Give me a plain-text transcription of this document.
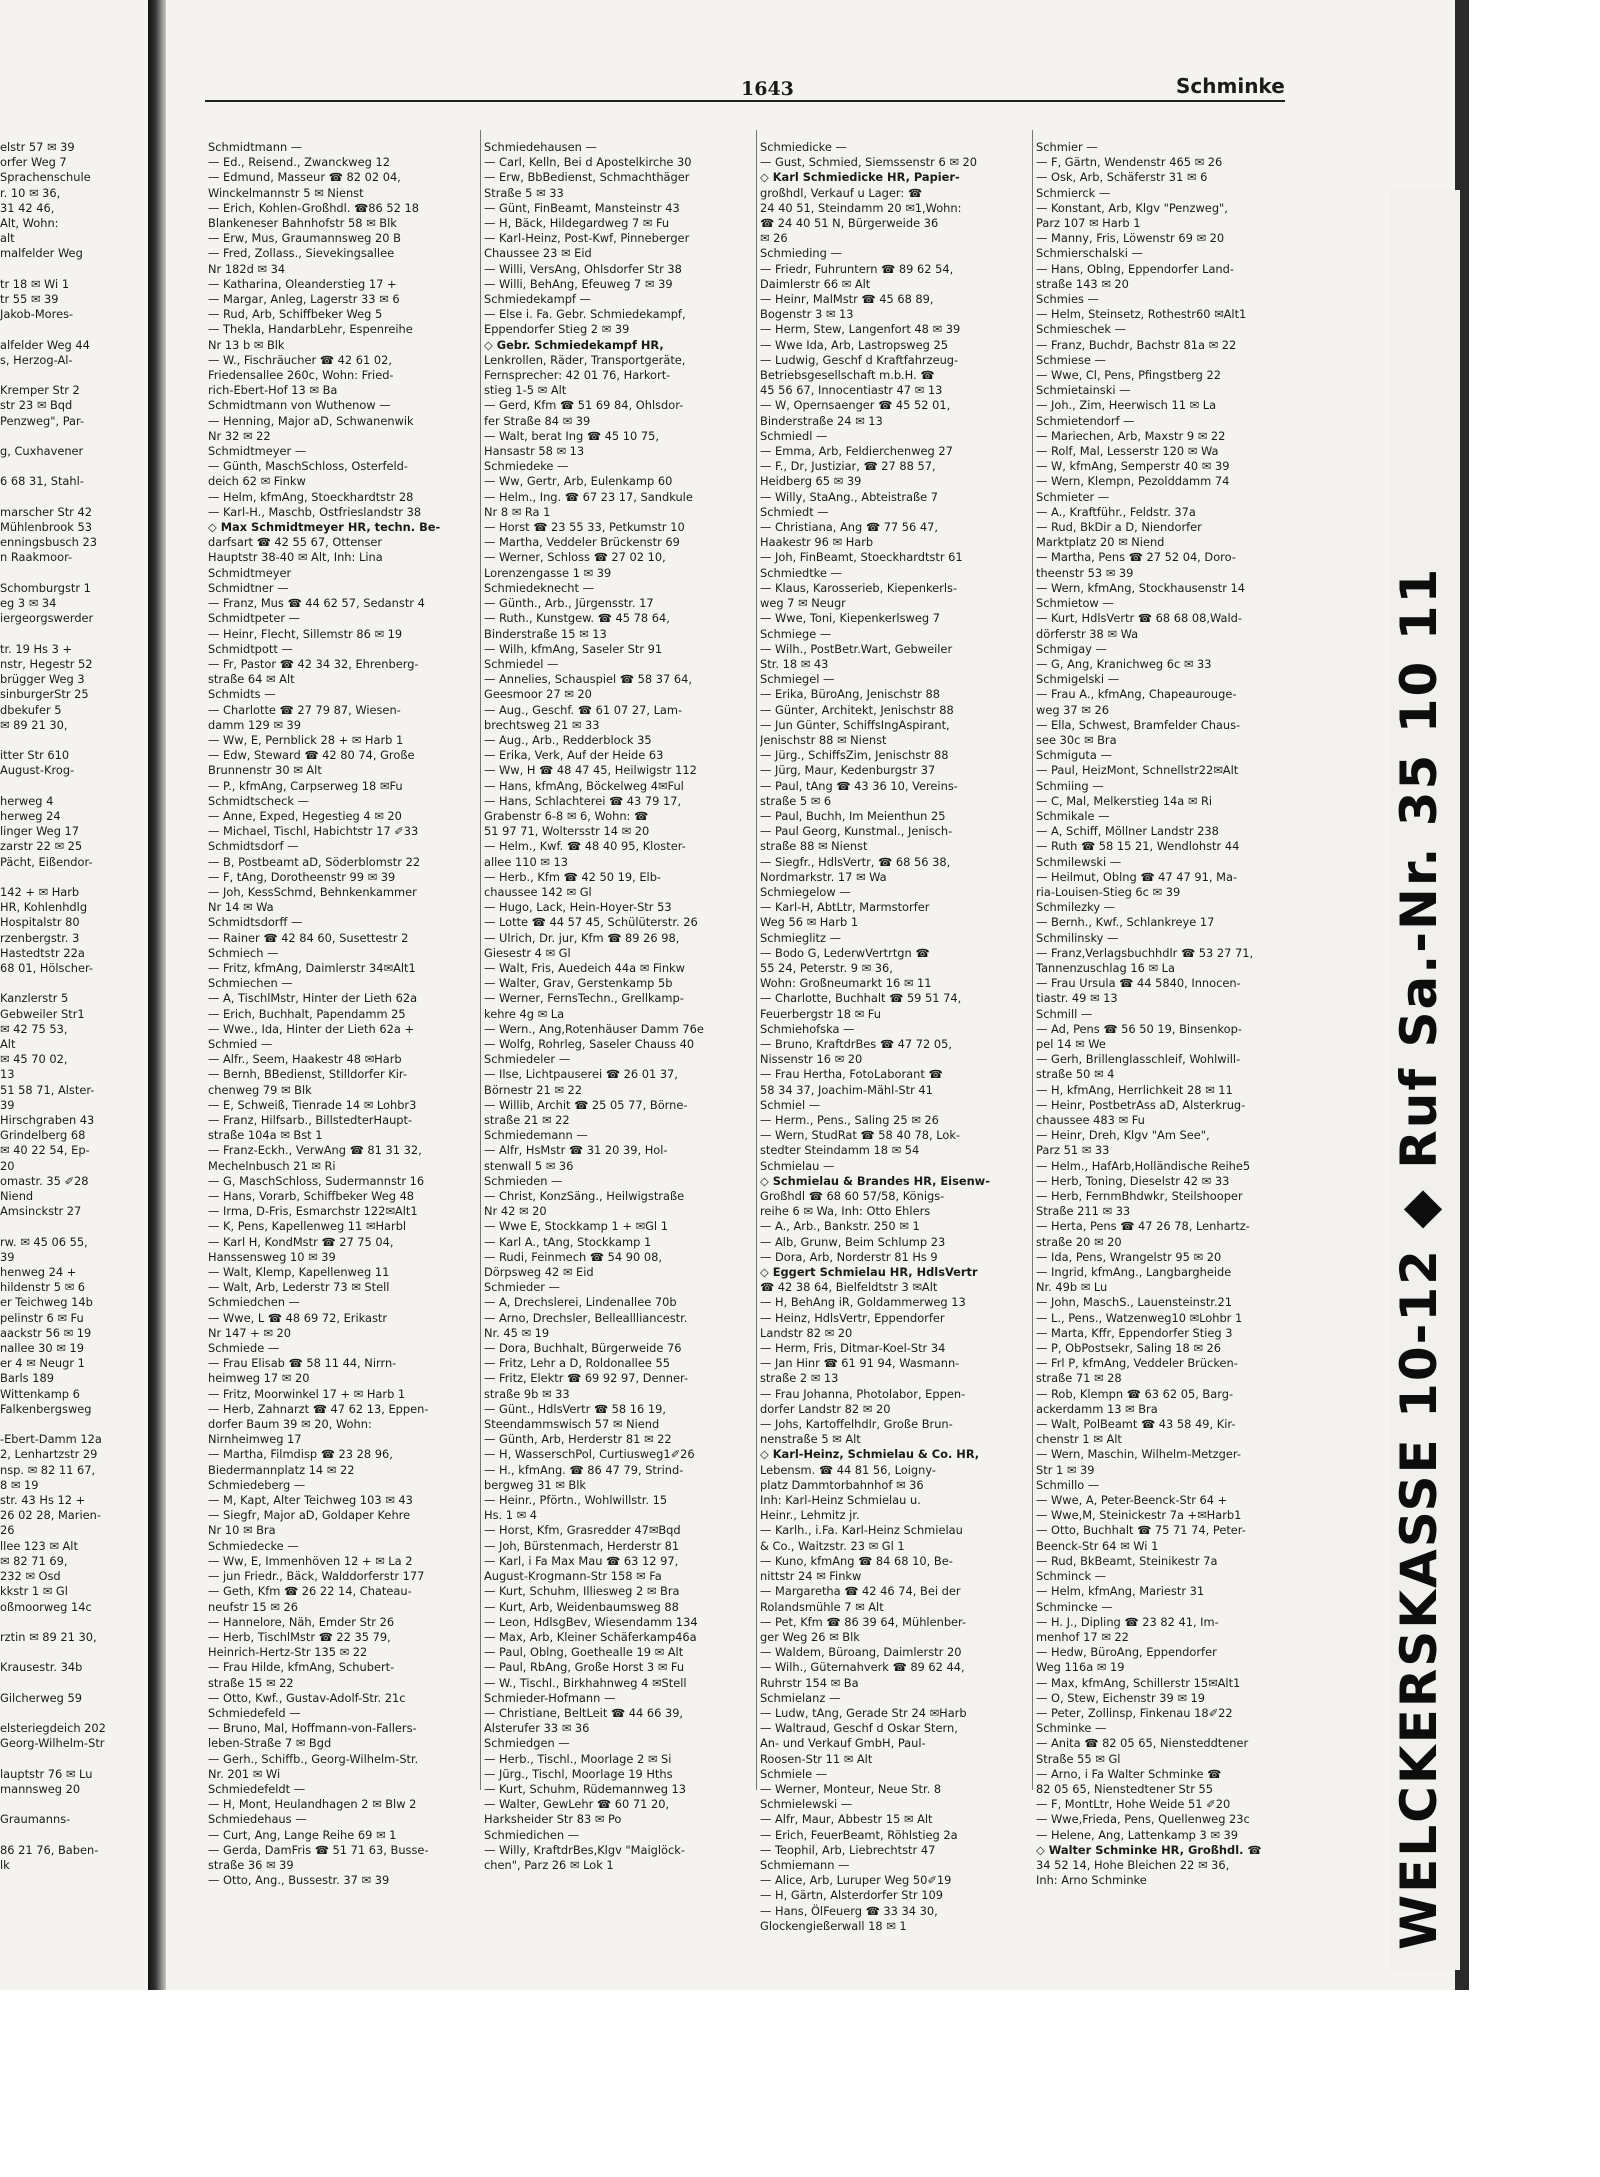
1643	Schminke
elstr 57 ✉ 39
orfer Weg 7
Sprachenschule
r. 10 ✉ 36,
31 42 46,
Alt, Wohn:
alt
malfelder Weg

tr 18 ✉ Wi 1
tr 55 ✉ 39
Jakob-Mores-

alfelder Weg 44
s, Herzog-Al-

Kremper Str 2
str 23 ✉ Bqd
Penzweg", Par-

g, Cuxhavener

6 68 31, Stahl-

marscher Str 42
Mühlenbrook 53
enningsbusch 23
n Raakmoor-

Schomburgstr 1
eg 3 ✉ 34
iergeorgswerder

tr. 19 Hs 3 +
nstr, Hegestr 52
brügger Weg 3
sinburgerStr 25
dbekufer 5
✉ 89 21 30,

itter Str 610
August-Krog-

herweg 4
herweg 24
linger Weg 17
zarstr 22 ✉ 25
Pächt, Eißendor-

142 + ✉ Harb
HR, Kohlenhdlg
Hospitalstr 80
rzenbergstr. 3
Hastedtstr 22a
68 01, Hölscher-

Kanzlerstr 5
Gebweiler Str1
✉ 42 75 53,
Alt
✉ 45 70 02,
13
51 58 71, Alster-
39
Hirschgraben 43
Grindelberg 68
✉ 40 22 54, Ep-
20
omastr. 35 ✐28
Niend
Amsinckstr 27

rw. ✉ 45 06 55,
39
henweg 24 +
hildenstr 5 ✉ 6
er Teichweg 14b
pelinstr 6 ✉ Fu
aackstr 56 ✉ 19
nallee 30 ✉ 19
er 4 ✉ Neugr 1
Barls 189
Wittenkamp 6
Falkenbergsweg

-Ebert-Damm 12a
2, Lenhartzstr 29
nsp. ✉ 82 11 67,
8 ✉ 19
str. 43 Hs 12 +
26 02 28, Marien-
26
llee 123 ✉ Alt
✉ 82 71 69,
232 ✉ Osd
kkstr 1 ✉ Gl
oßmoorweg 14c

rztin ✉ 89 21 30,

Krausestr. 34b

Gilcherweg 59

elsteriegdeich 202
Georg-Wilhelm-Str

lauptstr 76 ✉ Lu
mannsweg 20

Graumanns-

86 21 76, Baben-
lk
Schmidtmann —
— Ed., Reisend., Zwanckweg 12
— Edmund, Masseur ☎ 82 02 04,
Winckelmannstr 5 ✉ Nienst
— Erich, Kohlen-Großhdl. ☎86 52 18
Blankeneser Bahnhofstr 58 ✉ Blk
— Erw, Mus, Graumannsweg 20 B
— Fred, Zollass., Sievekingsallee
Nr 182d ✉ 34
— Katharina, Oleanderstieg 17 +
— Margar, Anleg, Lagerstr 33 ✉ 6
— Rud, Arb, Schiffbeker Weg 5
— Thekla, HandarbLehr, Espenreihe
Nr 13 b ✉ Blk
— W., Fischräucher ☎ 42 61 02,
Friedensallee 260c, Wohn: Fried-
rich-Ebert-Hof 13 ✉ Ba
Schmidtmann von Wuthenow —
— Henning, Major aD, Schwanenwik
Nr 32 ✉ 22
Schmidtmeyer —
— Günth, MaschSchloss, Osterfeld-
deich 62 ✉ Finkw
— Helm, kfmAng, Stoeckhardtstr 28
— Karl-H., Maschb, Ostfrieslandstr 38
◇ Max Schmidtmeyer HR, techn. Be-
darfsart ☎ 42 55 67, Ottenser
Hauptstr 38-40 ✉ Alt, Inh: Lina
Schmidtmeyer
Schmidtner —
— Franz, Mus ☎ 44 62 57, Sedanstr 4
Schmidtpeter —
— Heinr, Flecht, Sillemstr 86 ✉ 19
Schmidtpott —
— Fr, Pastor ☎ 42 34 32, Ehrenberg-
straße 64 ✉ Alt
Schmidts —
— Charlotte ☎ 27 79 87, Wiesen-
damm 129 ✉ 39
— Ww, E, Pernblick 28 + ✉ Harb 1
— Edw, Steward ☎ 42 80 74, Große
Brunnenstr 30 ✉ Alt
— P., kfmAng, Carpserweg 18 ✉Fu
Schmidtscheck —
— Anne, Exped, Hegestieg 4 ✉ 20
— Michael, Tischl, Habichtstr 17 ✐33
Schmidtsdorf —
— B, Postbeamt aD, Söderblomstr 22
— F, tAng, Dorotheenstr 99 ✉ 39
— Joh, KessSchmd, Behnkenkammer
Nr 14 ✉ Wa
Schmidtsdorff —
— Rainer ☎ 42 84 60, Susettestr 2
Schmiech —
— Fritz, kfmAng, Daimlerstr 34✉Alt1
Schmiechen —
— A, TischlMstr, Hinter der Lieth 62a
— Erich, Buchhalt, Papendamm 25
— Wwe., Ida, Hinter der Lieth 62a +
Schmied —
— Alfr., Seem, Haakestr 48 ✉Harb
— Bernh, BBedienst, Stilldorfer Kir-
chenweg 79 ✉ Blk
— E, Schweiß, Tienrade 14 ✉ Lohbr3
— Franz, Hilfsarb., BillstedterHaupt-
straße 104a ✉ Bst 1
— Franz-Eckh., VerwAng ☎ 81 31 32,
Mechelnbusch 21 ✉ Ri
— G, MaschSchloss, Sudermannstr 16
— Hans, Vorarb, Schiffbeker Weg 48
— Irma, D-Fris, Esmarchstr 122✉Alt1
— K, Pens, Kapellenweg 11 ✉Harbl
— Karl H, KondMstr ☎ 27 75 04,
Hanssensweg 10 ✉ 39
— Walt, Klemp, Kapellenweg 11
— Walt, Arb, Lederstr 73 ✉ Stell
Schmiedchen —
— Wwe, L ☎ 48 69 72, Erikastr
Nr 147 + ✉ 20
Schmiede —
— Frau Elisab ☎ 58 11 44, Nirrn-
heimweg 17 ✉ 20
— Fritz, Moorwinkel 17 + ✉ Harb 1
— Herb, Zahnarzt ☎ 47 62 13, Eppen-
dorfer Baum 39 ✉ 20, Wohn:
Nirnheimweg 17
— Martha, Filmdisp ☎ 23 28 96,
Biedermannplatz 14 ✉ 22
Schmiedeberg —
— M, Kapt, Alter Teichweg 103 ✉ 43
— Siegfr, Major aD, Goldaper Kehre
Nr 10 ✉ Bra
Schmiedecke —
— Ww, E, Immenhöven 12 + ✉ La 2
— jun Friedr., Bäck, Walddorferstr 177
— Geth, Kfm ☎ 26 22 14, Chateau-
neufstr 15 ✉ 26
— Hannelore, Näh, Emder Str 26
— Herb, TischlMstr ☎ 22 35 79,
Heinrich-Hertz-Str 135 ✉ 22
— Frau Hilde, kfmAng, Schubert-
straße 15 ✉ 22
— Otto, Kwf., Gustav-Adolf-Str. 21c
Schmiedefeld —
— Bruno, Mal, Hoffmann-von-Fallers-
leben-Straße 7 ✉ Bgd
— Gerh., Schiffb., Georg-Wilhelm-Str.
Nr. 201 ✉ Wi
Schmiedefeldt —
— H, Mont, Heulandhagen 2 ✉ Blw 2
Schmiedehaus —
— Curt, Ang, Lange Reihe 69 ✉ 1
— Gerda, DamFris ☎ 51 71 63, Busse-
straße 36 ✉ 39
— Otto, Ang., Bussestr. 37 ✉ 39
Schmiedehausen —
— Carl, Kelln, Bei d Apostelkirche 30
— Erw, BbBedienst, Schmachthäger
Straße 5 ✉ 33
— Günt, FinBeamt, Mansteinstr 43
— H, Bäck, Hildegardweg 7 ✉ Fu
— Karl-Heinz, Post-Kwf, Pinneberger
Chaussee 23 ✉ Eid
— Willi, VersAng, Ohlsdorfer Str 38
— Willi, BehAng, Efeuweg 7 ✉ 39
Schmiedekampf —
— Else i. Fa. Gebr. Schmiedekampf,
Eppendorfer Stieg 2 ✉ 39
◇ Gebr. Schmiedekampf HR,
Lenkrollen, Räder, Transportgeräte,
Fernsprecher: 42 01 76, Harkort-
stieg 1-5 ✉ Alt
— Gerd, Kfm ☎ 51 69 84, Ohlsdor-
fer Straße 84 ✉ 39
— Walt, berat Ing ☎ 45 10 75,
Hansastr 58 ✉ 13
Schmiedeke —
— Ww, Gertr, Arb, Eulenkamp 60
— Helm., Ing. ☎ 67 23 17, Sandkule
Nr 8 ✉ Ra 1
— Horst ☎ 23 55 33, Petkumstr 10
— Martha, Veddeler Brückenstr 69
— Werner, Schloss ☎ 27 02 10,
Lorenzengasse 1 ✉ 39
Schmiedeknecht —
— Günth., Arb., Jürgensstr. 17
— Ruth., Kunstgew. ☎ 45 78 64,
Binderstraße 15 ✉ 13
— Wilh, kfmAng, Saseler Str 91
Schmiedel —
— Annelies, Schauspiel ☎ 58 37 64,
Geesmoor 27 ✉ 20
— Aug., Geschf. ☎ 61 07 27, Lam-
brechtsweg 21 ✉ 33
— Aug., Arb., Redderblock 35
— Erika, Verk, Auf der Heide 63
— Ww, H ☎ 48 47 45, Heilwigstr 112
— Hans, kfmAng, Böckelweg 4✉Ful
— Hans, Schlachterei ☎ 43 79 17,
Grabenstr 6-8 ✉ 6, Wohn: ☎
51 97 71, Woltersstr 14 ✉ 20
— Helm., Kwf. ☎ 48 40 95, Kloster-
allee 110 ✉ 13
— Herb., Kfm ☎ 42 50 19, Elb-
chaussee 142 ✉ Gl
— Hugo, Lack, Hein-Hoyer-Str 53
— Lotte ☎ 44 57 45, Schülüterstr. 26
— Ulrich, Dr. jur, Kfm ☎ 89 26 98,
Giesestr 4 ✉ Gl
— Walt, Fris, Auedeich 44a ✉ Finkw
— Walter, Grav, Gerstenkamp 5b
— Werner, FernsTechn., Grellkamp-
kehre 4g ✉ La
— Wern., Ang,Rotenhäuser Damm 76e
— Wolfg, Rohrleg, Saseler Chauss 40
Schmiedeler —
— Ilse, Lichtpauserei ☎ 26 01 37,
Börnestr 21 ✉ 22
— Willib, Archit ☎ 25 05 77, Börne-
straße 21 ✉ 22
Schmiedemann —
— Alfr, HsMstr ☎ 31 20 39, Hol-
stenwall 5 ✉ 36
Schmieden —
— Christ, KonzSäng., Heilwigstraße
Nr 42 ✉ 20
— Wwe E, Stockkamp 1 + ✉Gl 1
— Karl A., tAng, Stockkamp 1
— Rudi, Feinmech ☎ 54 90 08,
Dörpsweg 42 ✉ Eid
Schmieder —
— A, Drechslerei, Lindenallee 70b
— Arno, Drechsler, Belleallliancestr.
Nr. 45 ✉ 19
— Dora, Buchhalt, Bürgerweide 76
— Fritz, Lehr a D, Roldonallee 55
— Fritz, Elektr ☎ 69 92 97, Denner-
straße 9b ✉ 33
— Günt., HdlsVertr ☎ 58 16 19,
Steendammswisch 57 ✉ Niend
— Günth, Arb, Herderstr 81 ✉ 22
— H, WasserschPol, Curtiusweg1✐26
— H., kfmAng. ☎ 86 47 79, Strind-
bergweg 31 ✉ Blk
— Heinr., Pförtn., Wohlwillstr. 15
Hs. 1 ✉ 4
— Horst, Kfm, Grasredder 47✉Bqd
— Joh, Bürstenmach, Herderstr 81
— Karl, i Fa Max Mau ☎ 63 12 97,
August-Krogmann-Str 158 ✉ Fa
— Kurt, Schuhm, Illiesweg 2 ✉ Bra
— Kurt, Arb, Weidenbaumsweg 88
— Leon, HdlsgBev, Wiesendamm 134
— Max, Arb, Kleiner Schäferkamp46a
— Paul, Oblng, Goethealle 19 ✉ Alt
— Paul, RbAng, Große Horst 3 ✉ Fu
— W., Tischl., Birkhahnweg 4 ✉Stell
Schmieder-Hofmann —
— Christiane, BeltLeit ☎ 44 66 39,
Alsterufer 33 ✉ 36
Schmiedgen —
— Herb., Tischl., Moorlage 2 ✉ Si
— Jürg., Tischl, Moorlage 19 Hths
— Kurt, Schuhm, Rüdemannweg 13
— Walter, GewLehr ☎ 60 71 20,
Harksheider Str 83 ✉ Po
Schmiedichen —
— Willy, KraftdrBes,Klgv "Maiglöck-
chen", Parz 26 ✉ Lok 1
Schmiedicke —
— Gust, Schmied, Siemssenstr 6 ✉ 20
◇ Karl Schmiedicke HR, Papier-
großhdl, Verkauf u Lager: ☎
24 40 51, Steindamm 20 ✉1,Wohn:
☎ 24 40 51 N, Bürgerweide 36
✉ 26
Schmieding —
— Friedr, Fuhruntern ☎ 89 62 54,
Daimlerstr 66 ✉ Alt
— Heinr, MalMstr ☎ 45 68 89,
Bogenstr 3 ✉ 13
— Herm, Stew, Langenfort 48 ✉ 39
— Wwe Ida, Arb, Lastropsweg 25
— Ludwig, Geschf d Kraftfahrzeug-
Betriebsgesellschaft m.b.H. ☎
45 56 67, Innocentiastr 47 ✉ 13
— W, Opernsaenger ☎ 45 52 01,
Binderstraße 24 ✉ 13
Schmiedl —
— Emma, Arb, Feldierchenweg 27
— F., Dr, Justiziar, ☎ 27 88 57,
Heidberg 65 ✉ 39
— Willy, StaAng., Abteistraße 7
Schmiedt —
— Christiana, Ang ☎ 77 56 47,
Haakestr 96 ✉ Harb
— Joh, FinBeamt, Stoeckhardtstr 61
Schmiedtke —
— Klaus, Karosserieb, Kiepenkerls-
weg 7 ✉ Neugr
— Wwe, Toni, Kiepenkerlsweg 7
Schmiege —
— Wilh., PostBetr.Wart, Gebweiler
Str. 18 ✉ 43
Schmiegel —
— Erika, BüroAng, Jenischstr 88
— Günter, Architekt, Jenischstr 88
— Jun Günter, SchiffsIngAspirant,
Jenischstr 88 ✉ Nienst
— Jürg., SchiffsZim, Jenischstr 88
— Jürg, Maur, Kedenburgstr 37
— Paul, tAng ☎ 43 36 10, Vereins-
straße 5 ✉ 6
— Paul, Buchh, Im Meienthun 25
— Paul Georg, Kunstmal., Jenisch-
straße 88 ✉ Nienst
— Siegfr., HdlsVertr, ☎ 68 56 38,
Nordmarkstr. 17 ✉ Wa
Schmiegelow —
— Karl-H, AbtLtr, Marmstorfer
Weg 56 ✉ Harb 1
Schmieglitz —
— Bodo G, LederwVertrtgn ☎
55 24, Peterstr. 9 ✉ 36,
Wohn: Großneumarkt 16 ✉ 11
— Charlotte, Buchhalt ☎ 59 51 74,
Feuerbergstr 18 ✉ Fu
Schmiehofska —
— Bruno, KraftdrBes ☎ 47 72 05,
Nissenstr 16 ✉ 20
— Frau Hertha, FotoLaborant ☎
58 34 37, Joachim-Mähl-Str 41
Schmiel —
— Herm., Pens., Saling 25 ✉ 26
— Wern, StudRat ☎ 58 40 78, Lok-
stedter Steindamm 18 ✉ 54
Schmielau —
◇ Schmielau & Brandes HR, Eisenw-
Großhdl ☎ 68 60 57/58, Königs-
reihe 6 ✉ Wa, Inh: Otto Ehlers
— A., Arb., Bankstr. 250 ✉ 1
— Alb, Grunw, Beim Schlump 23
— Dora, Arb, Norderstr 81 Hs 9
◇ Eggert Schmielau HR, HdlsVertr
☎ 42 38 64, Bielfeldtstr 3 ✉Alt
— H, BehAng iR, Goldammerweg 13
— Heinz, HdlsVertr, Eppendorfer
Landstr 82 ✉ 20
— Herm, Fris, Ditmar-Koel-Str 34
— Jan Hinr ☎ 61 91 94, Wasmann-
straße 2 ✉ 13
— Frau Johanna, Photolabor, Eppen-
dorfer Landstr 82 ✉ 20
— Johs, Kartoffelhdlr, Große Brun-
nenstraße 5 ✉ Alt
◇ Karl-Heinz, Schmielau & Co. HR,
Lebensm. ☎ 44 81 56, Loigny-
platz Dammtorbahnhof ✉ 36
Inh: Karl-Heinz Schmielau u.
Heinr., Lehmitz jr.
— Karlh., i.Fa. Karl-Heinz Schmielau
& Co., Waitzstr. 23 ✉ Gl 1
— Kuno, kfmAng ☎ 84 68 10, Be-
nittstr 24 ✉ Finkw
— Margaretha ☎ 42 46 74, Bei der
Rolandsmühle 7 ✉ Alt
— Pet, Kfm ☎ 86 39 64, Mühlenber-
ger Weg 26 ✉ Blk
— Waldem, Büroang, Daimlerstr 20
— Wilh., Güternahverk ☎ 89 62 44,
Ruhrstr 154 ✉ Ba
Schmielanz —
— Ludw, tAng, Gerade Str 24 ✉Harb
— Waltraud, Geschf d Oskar Stern,
An- und Verkauf GmbH, Paul-
Roosen-Str 11 ✉ Alt
Schmiele —
— Werner, Monteur, Neue Str. 8
Schmielewski —
— Alfr, Maur, Abbestr 15 ✉ Alt
— Erich, FeuerBeamt, Röhlstieg 2a
— Teophil, Arb, Liebrechtstr 47
Schmiemann —
— Alice, Arb, Luruper Weg 50✐19
— H, Gärtn, Alsterdorfer Str 109
— Hans, ÖlFeuerg ☎ 33 34 30,
Glockengießerwall 18 ✉ 1
Schmier —
— F, Gärtn, Wendenstr 465 ✉ 26
— Osk, Arb, Schäferstr 31 ✉ 6
Schmierck —
— Konstant, Arb, Klgv "Penzweg",
Parz 107 ✉ Harb 1
— Manny, Fris, Löwenstr 69 ✉ 20
Schmierschalski —
— Hans, Oblng, Eppendorfer Land-
straße 143 ✉ 20
Schmies —
— Helm, Steinsetz, Rothestr60 ✉Alt1
Schmieschek —
— Franz, Buchdr, Bachstr 81a ✉ 22
Schmiese —
— Wwe, Cl, Pens, Pfingstberg 22
Schmietainski —
— Joh., Zim, Heerwisch 11 ✉ La
Schmietendorf —
— Mariechen, Arb, Maxstr 9 ✉ 22
— Rolf, Mal, Lesserstr 120 ✉ Wa
— W, kfmAng, Semperstr 40 ✉ 39
— Wern, Klempn, Pezolddamm 74
Schmieter —
— A., Kraftführ., Feldstr. 37a
— Rud, BkDir a D, Niendorfer
Marktplatz 20 ✉ Niend
— Martha, Pens ☎ 27 52 04, Doro-
theenstr 53 ✉ 39
— Wern, kfmAng, Stockhausenstr 14
Schmietow —
— Kurt, HdlsVertr ☎ 68 68 08,Wald-
dörferstr 38 ✉ Wa
Schmigay —
— G, Ang, Kranichweg 6c ✉ 33
Schmigelski —
— Frau A., kfmAng, Chapeaurouge-
weg 37 ✉ 26
— Ella, Schwest, Bramfelder Chaus-
see 30c ✉ Bra
Schmiguta —
— Paul, HeizMont, Schnellstr22✉Alt
Schmiing —
— C, Mal, Melkerstieg 14a ✉ Ri
Schmikale —
— A, Schiff, Möllner Landstr 238
— Ruth ☎ 58 15 21, Wendlohstr 44
Schmilewski —
— Heilmut, Oblng ☎ 47 47 91, Ma-
ria-Louisen-Stieg 6c ✉ 39
Schmilezky —
— Bernh., Kwf., Schlankreye 17
Schmilinsky —
— Franz,Verlagsbuchhdlr ☎ 53 27 71,
Tannenzuschlag 16 ✉ La
— Frau Ursula ☎ 44 5840, Innocen-
tiastr. 49 ✉ 13
Schmill —
— Ad, Pens ☎ 56 50 19, Binsenkop-
pel 14 ✉ We
— Gerh, Brillenglasschleif, Wohlwill-
straße 50 ✉ 4
— H, kfmAng, Herrlichkeit 28 ✉ 11
— Heinr, PostbetrAss aD, Alsterkrug-
chaussee 483 ✉ Fu
— Heinr, Dreh, Klgv "Am See",
Parz 51 ✉ 33
— Helm., HafArb,Holländische Reihe5
— Herb, Toning, Dieselstr 42 ✉ 33
— Herb, FernmBhdwkr, Steilshooper
Straße 211 ✉ 33
— Herta, Pens ☎ 47 26 78, Lenhartz-
straße 20 ✉ 20
— Ida, Pens, Wrangelstr 95 ✉ 20
— Ingrid, kfmAng., Langbargheide
Nr. 49b ✉ Lu
— John, MaschS., Lauensteinstr.21
— L., Pens., Watzenweg10 ✉Lohbr 1
— Marta, Kffr, Eppendorfer Stieg 3
— P, ObPostsekr, Saling 18 ✉ 26
— Frl P, kfmAng, Veddeler Brücken-
straße 71 ✉ 28
— Rob, Klempn ☎ 63 62 05, Barg-
ackerdamm 13 ✉ Bra
— Walt, PolBeamt ☎ 43 58 49, Kir-
chenstr 1 ✉ Alt
— Wern, Maschin, Wilhelm-Metzger-
Str 1 ✉ 39
Schmillo —
— Wwe, A, Peter-Beenck-Str 64 +
— Wwe,M, Steinickestr 7a +✉Harb1
— Otto, Buchhalt ☎ 75 71 74, Peter-
Beenck-Str 64 ✉ Wi 1
— Rud, BkBeamt, Steinikestr 7a
Schminck —
— Helm, kfmAng, Mariestr 31
Schmincke —
— H. J., Dipling ☎ 23 82 41, Im-
menhof 17 ✉ 22
— Hedw, BüroAng, Eppendorfer
Weg 116a ✉ 19
— Max, kfmAng, Schillerstr 15✉Alt1
— O, Stew, Eichenstr 39 ✉ 19
— Peter, Zollinsp, Finkenau 18✐22
Schminke —
— Anita ☎ 82 05 65, Niensteddtener
Straße 55 ✉ Gl
— Arno, i Fa Walter Schminke ☎
82 05 65, Nienstedtener Str 55
— F, MontLtr, Hohe Weide 51 ✐20
— Wwe,Frieda, Pens, Quellenweg 23c
— Helene, Ang, Lattenkamp 3 ✉ 39
◇ Walter Schminke HR, Großhdl. ☎
34 52 14, Hohe Bleichen 22 ✉ 36,
Inh: Arno Schminke	WELCKERSKASSE 10-12 ◆ Ruf Sa.-Nr. 35 10 11
